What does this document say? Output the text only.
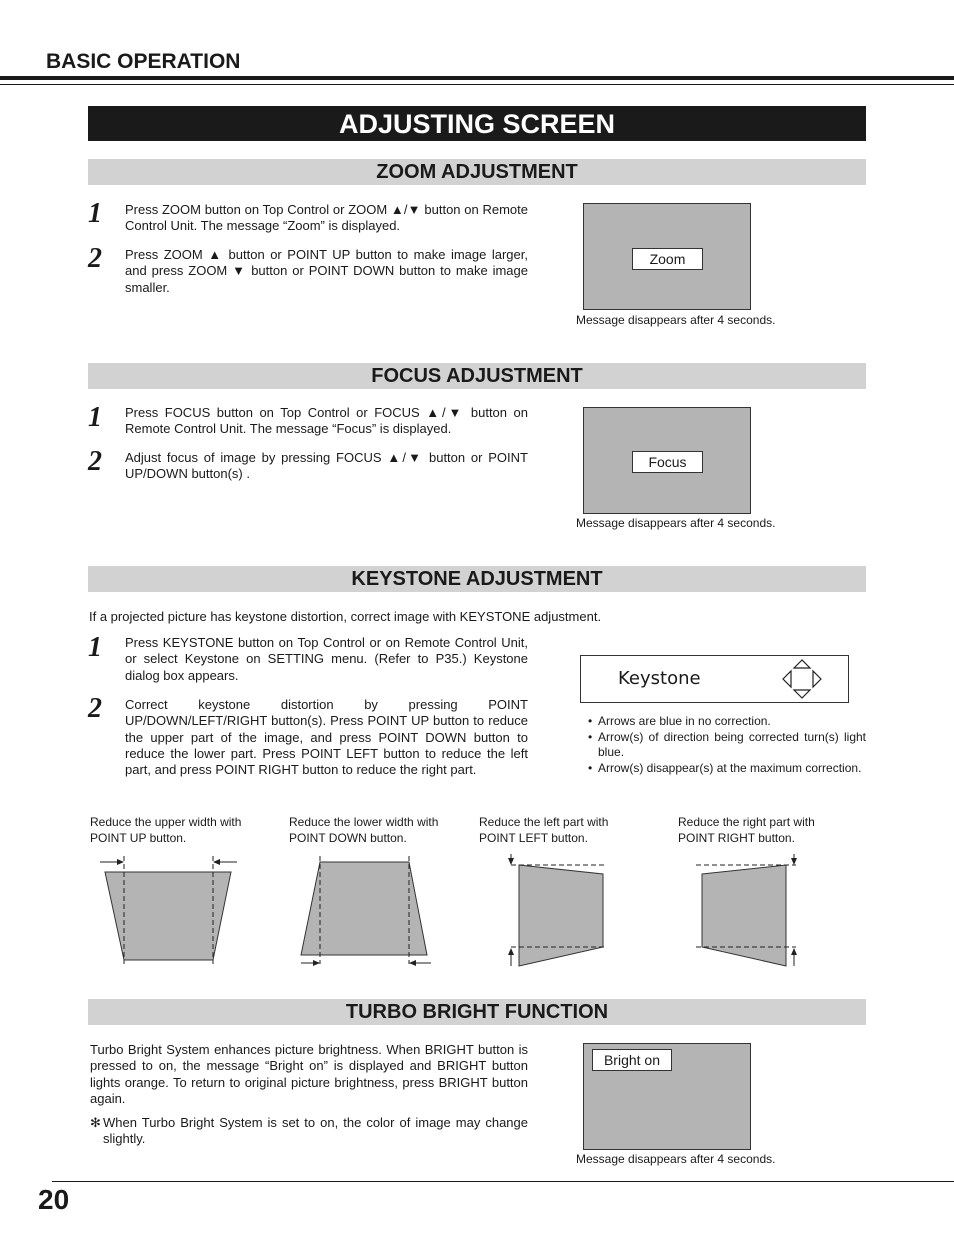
BASIC OPERATION
ADJUSTING SCREEN
ZOOM ADJUSTMENT
1 Press ZOOM button on Top Control or ZOOM ▲/▼ button on Remote Control Unit. The message “Zoom” is displayed.
2 Press ZOOM ▲ button or POINT UP button to make image larger, and press ZOOM ▼ button or POINT DOWN button to make image smaller.
Zoom
Message disappears after 4 seconds.
FOCUS ADJUSTMENT
1 Press FOCUS button on Top Control or FOCUS ▲/▼ button on Remote Control Unit. The message “Focus” is displayed.
2 Adjust focus of image by pressing FOCUS ▲/▼ button or POINT UP/DOWN button(s) .
Focus
Message disappears after 4 seconds.
KEYSTONE ADJUSTMENT
If a projected picture has keystone distortion, correct image with KEYSTONE adjustment.
1 Press KEYSTONE button on Top Control or on Remote Control Unit, or select Keystone on SETTING menu. (Refer to P35.) Keystone dialog box appears.
2 Correct keystone distortion by pressing POINT UP/DOWN/LEFT/RIGHT button(s). Press POINT UP button to reduce the upper part of the image, and press POINT DOWN button to reduce the lower part. Press POINT LEFT button to reduce the left part, and press POINT RIGHT button to reduce the right part.
Keystone
• Arrows are blue in no correction.
• Arrow(s) of direction being corrected turn(s) light blue.
• Arrow(s) disappear(s) at the maximum correction.
Reduce the upper width with POINT UP button.
Reduce the lower width with POINT DOWN button.
Reduce the left part with POINT LEFT button.
Reduce the right part with POINT RIGHT button.
TURBO BRIGHT FUNCTION
Turbo Bright System enhances picture brightness. When BRIGHT button is pressed to on, the message “Bright on” is displayed and BRIGHT button lights orange. To return to original picture brightness, press BRIGHT button again.
✻ When Turbo Bright System is set to on, the color of image may change slightly.
Bright on
Message disappears after 4 seconds.
20
